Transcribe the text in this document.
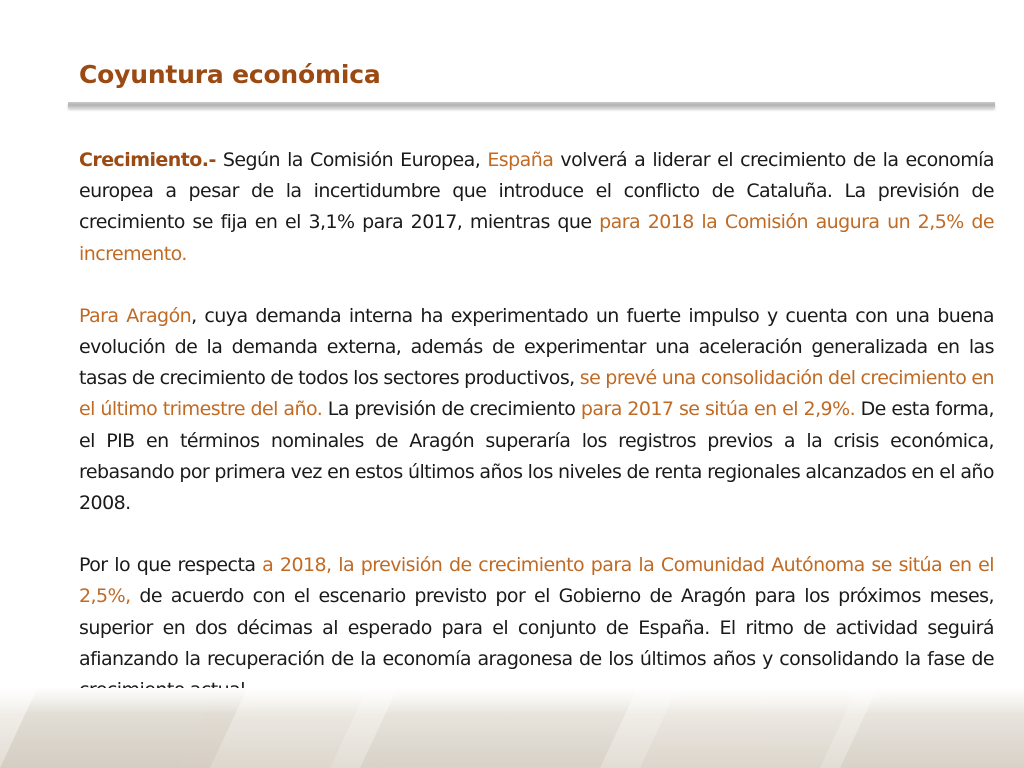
Coyuntura económica

Crecimiento.- Según la Comisión Europea, España volverá a liderar el crecimiento de la economía europea a pesar de la incertidumbre que introduce el conflicto de Cataluña. La previsión de crecimiento se fija en el 3,1% para 2017, mientras que para 2018 la Comisión augura un 2,5% de incremento.

Para Aragón, cuya demanda interna ha experimentado un fuerte impulso y cuenta con una buena evolución de la demanda externa, además de experimentar una aceleración generalizada en las tasas de crecimiento de todos los sectores productivos, se prevé una consolidación del crecimiento en el último trimestre del año. La previsión de crecimiento para 2017 se sitúa en el 2,9%. De esta forma, el PIB en términos nominales de Aragón superaría los registros previos a la crisis económica, rebasando por primera vez en estos últimos años los niveles de renta regionales alcanzados en el año 2008.

Por lo que respecta a 2018, la previsión de crecimiento para la Comunidad Autónoma se sitúa en el 2,5%, de acuerdo con el escenario previsto por el Gobierno de Aragón para los próximos meses, superior en dos décimas al esperado para el conjunto de España. El ritmo de actividad seguirá afianzando la recuperación de la economía aragonesa de los últimos años y consolidando la fase de
